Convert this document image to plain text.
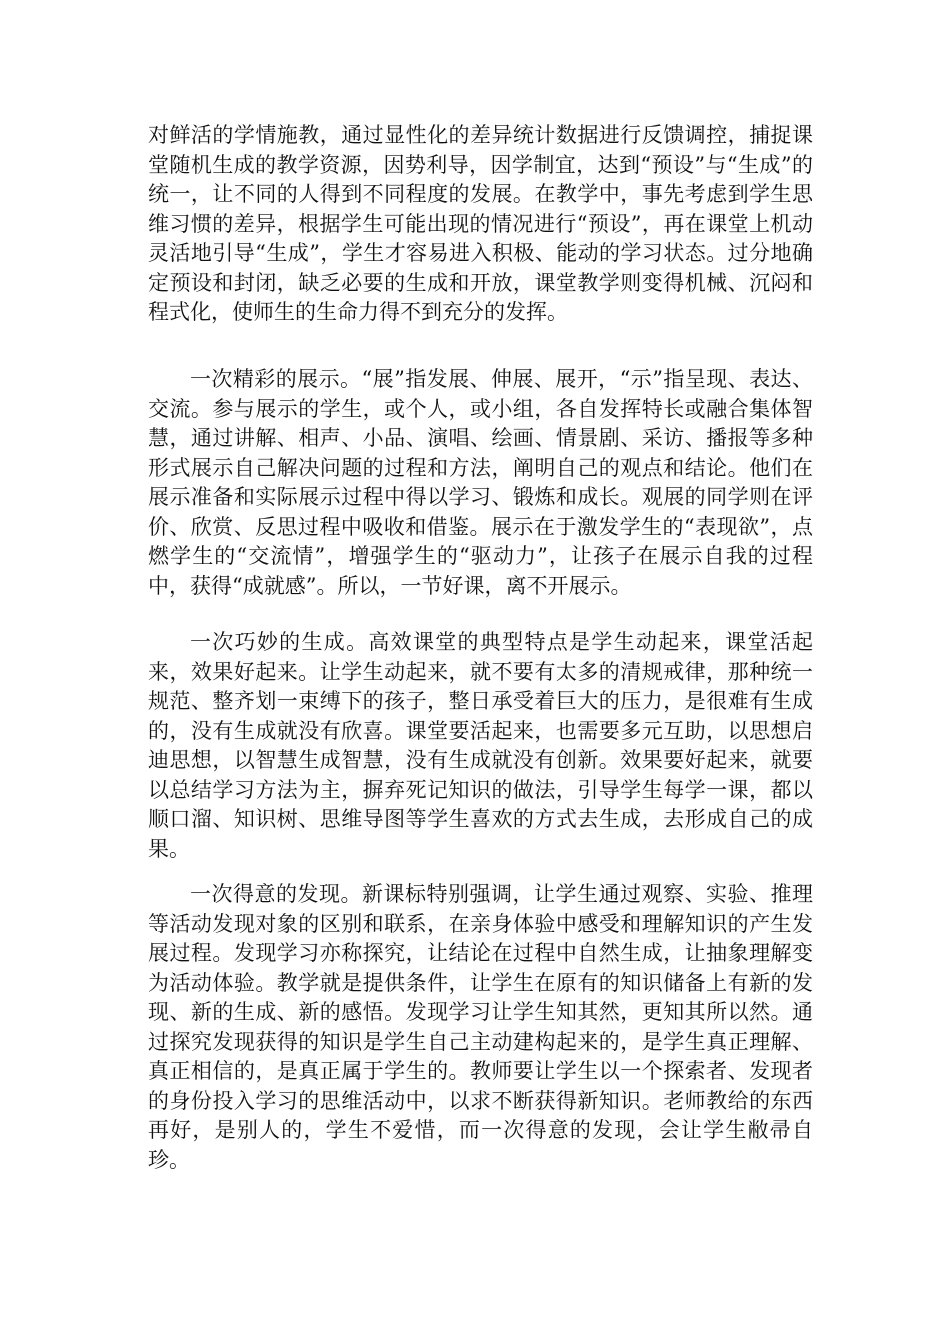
对鲜活的学情施教，通过显性化的差异统计数据进行反馈调控，捕捉课堂随机生成的教学资源，因势利导，因学制宜，达到“预设”与“生成”的统一，让不同的人得到不同程度的发展。在教学中，事先考虑到学生思维习惯的差异，根据学生可能出现的情况进行“预设”，再在课堂上机动灵活地引导“生成”，学生才容易进入积极、能动的学习状态。过分地确定预设和封闭，缺乏必要的生成和开放，课堂教学则变得机械、沉闷和程式化，使师生的生命力得不到充分的发挥。

一次精彩的展示。“展”指发展、伸展、展开，“示”指呈现、表达、交流。参与展示的学生，或个人，或小组，各自发挥特长或融合集体智慧，通过讲解、相声、小品、演唱、绘画、情景剧、采访、播报等多种形式展示自己解决问题的过程和方法，阐明自己的观点和结论。他们在展示准备和实际展示过程中得以学习、锻炼和成长。观展的同学则在评价、欣赏、反思过程中吸收和借鉴。展示在于激发学生的“表现欲”，点燃学生的“交流情”，增强学生的“驱动力”，让孩子在展示自我的过程中，获得“成就感”。所以，一节好课，离不开展示。

一次巧妙的生成。高效课堂的典型特点是学生动起来，课堂活起来，效果好起来。让学生动起来，就不要有太多的清规戒律，那种统一规范、整齐划一束缚下的孩子，整日承受着巨大的压力，是很难有生成的，没有生成就没有欣喜。课堂要活起来，也需要多元互助，以思想启迪思想，以智慧生成智慧，没有生成就没有创新。效果要好起来，就要以总结学习方法为主，摒弃死记知识的做法，引导学生每学一课，都以顺口溜、知识树、思维导图等学生喜欢的方式去生成，去形成自己的成果。

一次得意的发现。新课标特别强调，让学生通过观察、实验、推理等活动发现对象的区别和联系，在亲身体验中感受和理解知识的产生发展过程。发现学习亦称探究，让结论在过程中自然生成，让抽象理解变为活动体验。教学就是提供条件，让学生在原有的知识储备上有新的发现、新的生成、新的感悟。发现学习让学生知其然，更知其所以然。通过探究发现获得的知识是学生自己主动建构起来的，是学生真正理解、真正相信的，是真正属于学生的。教师要让学生以一个探索者、发现者的身份投入学习的思维活动中，以求不断获得新知识。老师教给的东西再好，是别人的，学生不爱惜，而一次得意的发现，会让学生敝帚自珍。
